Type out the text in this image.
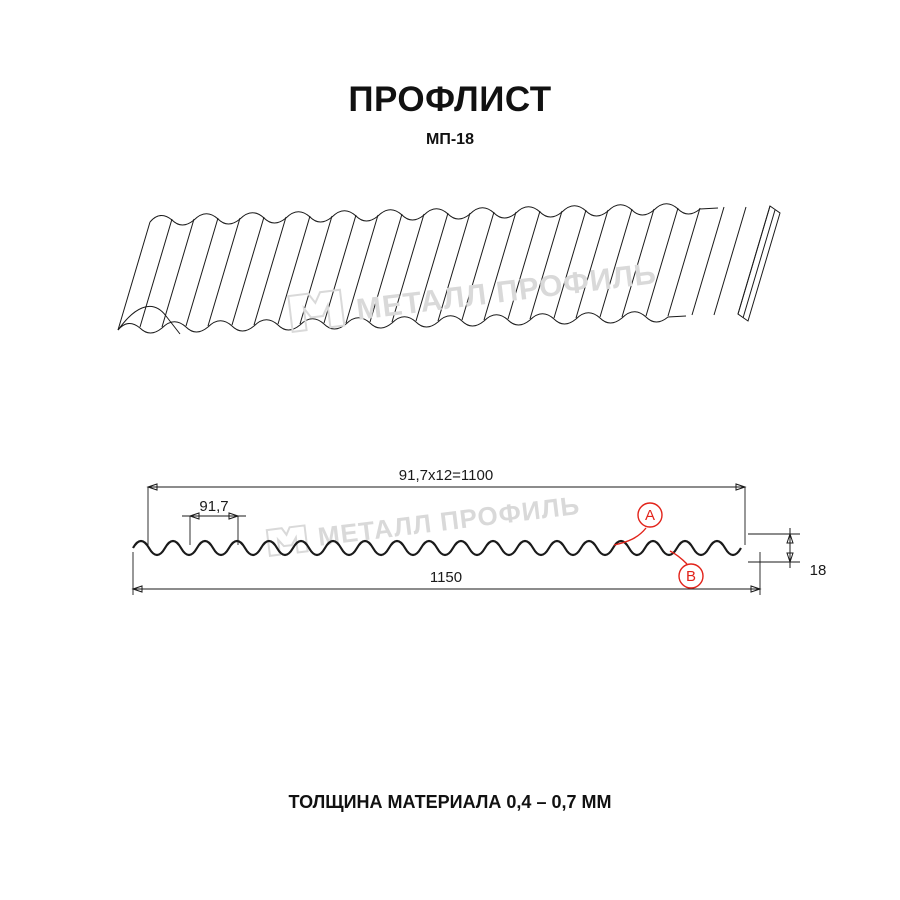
ПРОФЛИСТ
МП-18
ТОЛЩИНА МАТЕРИАЛА 0,4 – 0,7 ММ
МЕТАЛЛ ПРОФИЛЬ
МЕТАЛЛ ПРОФИЛЬ
91,7х12=1100
91,7
1150	18
A
B
